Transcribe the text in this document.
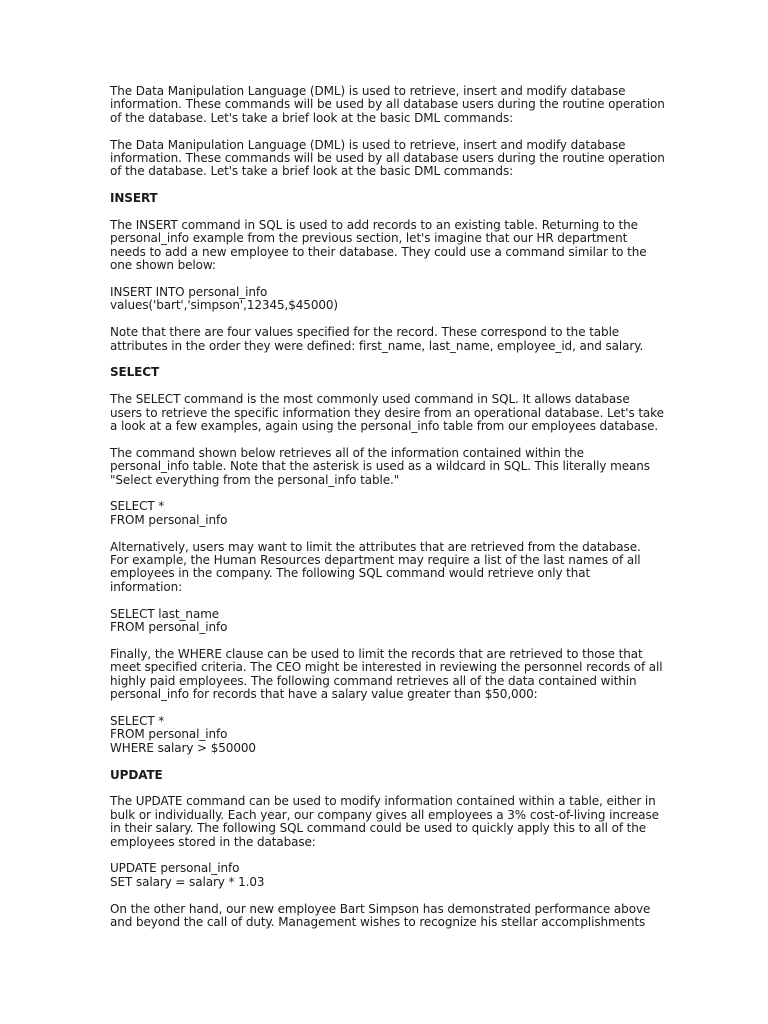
The Data Manipulation Language (DML) is used to retrieve, insert and modify database
information. These commands will be used by all database users during the routine operation
of the database. Let's take a brief look at the basic DML commands:

The Data Manipulation Language (DML) is used to retrieve, insert and modify database
information. These commands will be used by all database users during the routine operation
of the database. Let's take a brief look at the basic DML commands:

INSERT

The INSERT command in SQL is used to add records to an existing table. Returning to the
personal_info example from the previous section, let's imagine that our HR department
needs to add a new employee to their database. They could use a command similar to the
one shown below:

INSERT INTO personal_info
values('bart','simpson',12345,$45000)

Note that there are four values specified for the record. These correspond to the table
attributes in the order they were defined: first_name, last_name, employee_id, and salary.

SELECT

The SELECT command is the most commonly used command in SQL. It allows database
users to retrieve the specific information they desire from an operational database. Let's take
a look at a few examples, again using the personal_info table from our employees database.

The command shown below retrieves all of the information contained within the
personal_info table. Note that the asterisk is used as a wildcard in SQL. This literally means
"Select everything from the personal_info table."

SELECT *
FROM personal_info

Alternatively, users may want to limit the attributes that are retrieved from the database.
For example, the Human Resources department may require a list of the last names of all
employees in the company. The following SQL command would retrieve only that
information:

SELECT last_name
FROM personal_info

Finally, the WHERE clause can be used to limit the records that are retrieved to those that
meet specified criteria. The CEO might be interested in reviewing the personnel records of all
highly paid employees. The following command retrieves all of the data contained within
personal_info for records that have a salary value greater than $50,000:

SELECT *
FROM personal_info
WHERE salary > $50000

UPDATE

The UPDATE command can be used to modify information contained within a table, either in
bulk or individually. Each year, our company gives all employees a 3% cost-of-living increase
in their salary. The following SQL command could be used to quickly apply this to all of the
employees stored in the database:

UPDATE personal_info
SET salary = salary * 1.03

On the other hand, our new employee Bart Simpson has demonstrated performance above
and beyond the call of duty. Management wishes to recognize his stellar accomplishments
